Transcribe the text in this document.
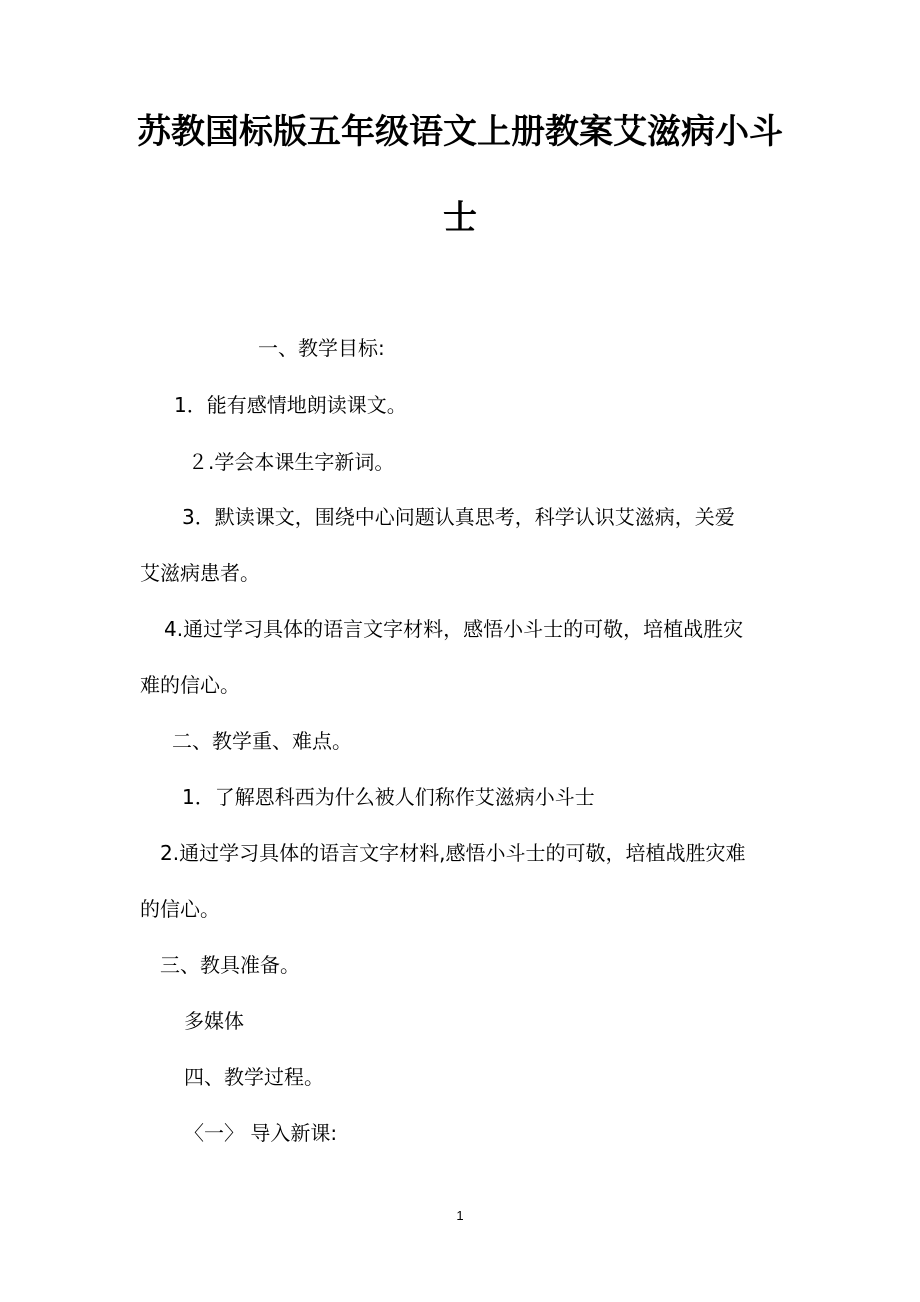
苏教国标版五年级语文上册教案艾滋病小斗
士
一、教学目标:
1．能有感情地朗读课文。
２.学会本课生字新词。
3．默读课文，围绕中心问题认真思考，科学认识艾滋病，关爱
艾滋病患者。
4.通过学习具体的语言文字材料，感悟小斗士的可敬，培植战胜灾
难的信心。
二、教学重、难点。
1．了解恩科西为什么被人们称作艾滋病小斗士
2.通过学习具体的语言文字材料,感悟小斗士的可敬，培植战胜灾难
的信心。
三、教具准备。
多媒体
四、教学过程。
〈一〉 导入新课:
1
